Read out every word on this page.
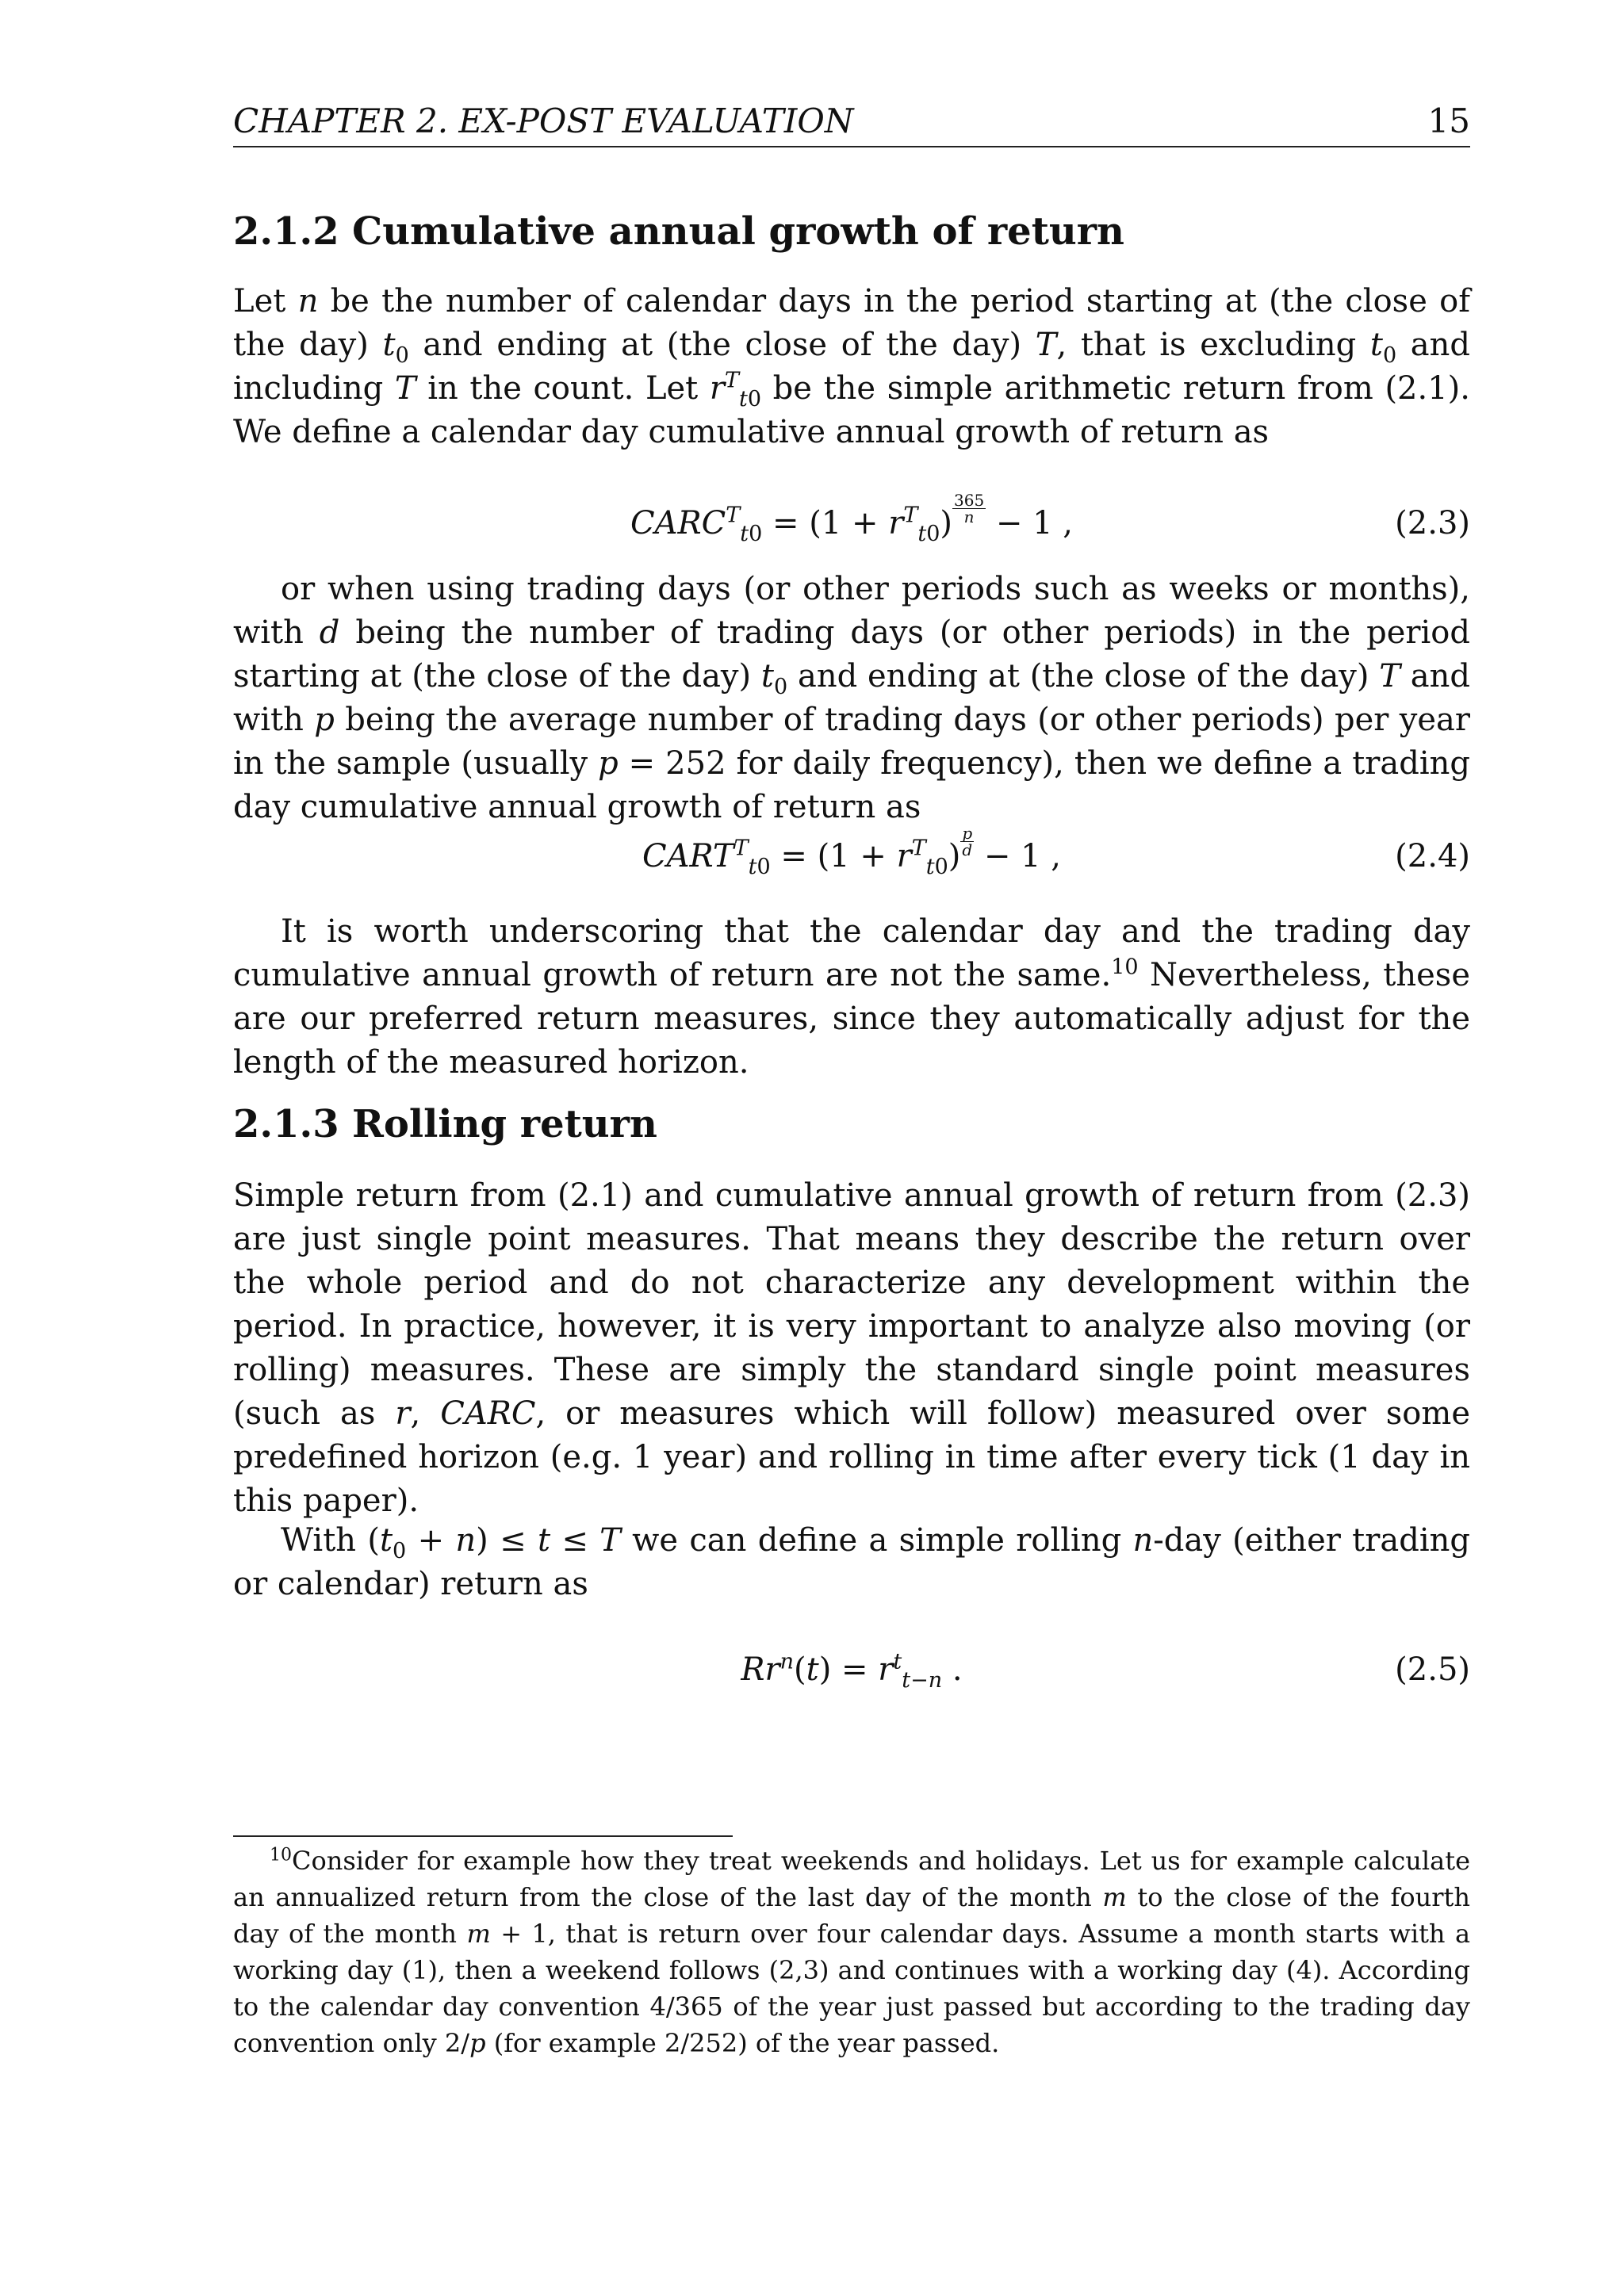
CHAPTER 2. EX-POST EVALUATION	15
2.1.2 Cumulative annual growth of return

Let n be the number of calendar days in the period starting at (the close of the day) $t_0$ and ending at (the close of the day) T, that is excluding $t_0$ and including T in the count. Let $r^T_{t0}$ be the simple arithmetic return from (2.1). We define a calendar day cumulative annual growth of return as

$CARC^T_{t0} = (1 + r^T_{t0}) \frac{365}{n} - 1$ ,	(2.3)

or when using trading days (or other periods such as weeks or months), with d being the number of trading days (or other periods) in the period starting at (the close of the day) $t_0$ and ending at (the close of the day) T and with p being the average number of trading days (or other periods) per year in the sample (usually p = 252 for daily frequency), then we define a trading day cumulative annual growth of return as

$CART^T_{t0} = (1 + r^T_{t0}) \frac{p}{d} - 1$ ,	(2.4)

It is worth underscoring that the calendar day and the trading day cumulative annual growth of return are not the same.$^{10}$ Nevertheless, these are our preferred return measures, since they automatically adjust for the length of the measured horizon.

2.1.3 Rolling return

Simple return from (2.1) and cumulative annual growth of return from (2.3) are just single point measures. That means they describe the return over the whole period and do not characterize any development within the period. In practice, however, it is very important to analyze also moving (or rolling) measures. These are simply the standard single point measures (such as r, CARC, or measures which will follow) measured over some predefined horizon (e.g. 1 year) and rolling in time after every tick (1 day in this paper).

With $(t_0 + n) \le t \le T$ we can define a simple rolling n-day (either trading or calendar) return as

$Rr^n(t) = r^t_{t-n}$ .	(2.5)

$^{10}$Consider for example how they treat weekends and holidays. Let us for example calculate an annualized return from the close of the last day of the month m to the close of the fourth day of the month m + 1, that is return over four calendar days. Assume a month starts with a working day (1), then a weekend follows (2,3) and continues with a working day (4). According to the calendar day convention 4/365 of the year just passed but according to the trading day convention only 2/p (for example 2/252) of the year passed.
